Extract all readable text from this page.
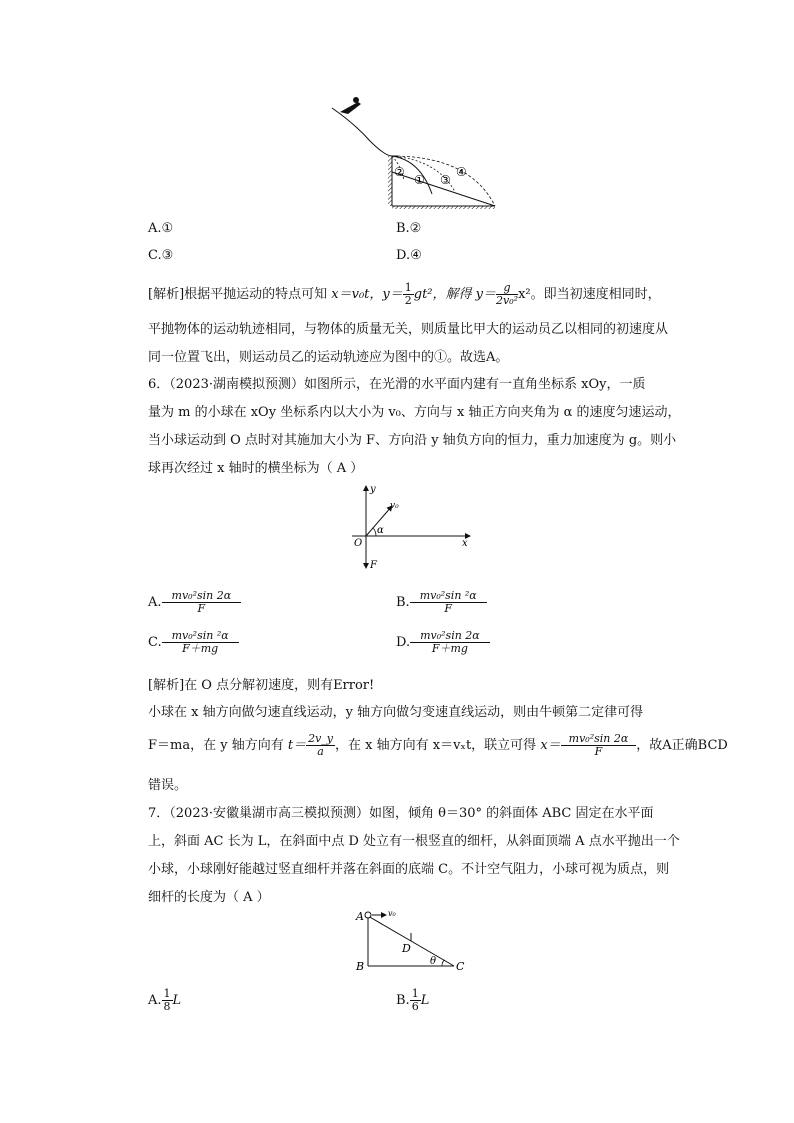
②
① ③
④
A.①	B.②
C.③	D.④
[解析]根据平抛运动的特点可知 x＝v₀t，$y= \frac{1}{2} gt^2$，解得 $y= \frac{g}{\text{2v₀²}} x^2$。即当初速度相同时，
平抛物体的运动轨迹相同，与物体的质量无关，则质量比甲大的运动员乙以相同的初速度从
同一位置飞出，则运动员乙的运动轨迹应为图中的①。故选A。
6．（2023·湖南模拟预测）如图所示，在光滑的水平面内建有一直角坐标系 xOy，一质
量为 m 的小球在 xOy 坐标系内以大小为 v₀、方向与 x 轴正方向夹角为 α 的速度匀速运动，
当小球运动到 O 点时对其施加大小为 F、方向沿 y 轴负方向的恒力，重力加速度为 g。则小
球再次经过 x 轴时的横坐标为（ A ）
y
v₀
α
O	x
F
A. $\frac{\text{mv₀²sin 2α}}{F}$	B. $\frac{\text{mv₀²sin ²α}}{F}$
C. $\frac{\text{mv₀²sin ²α}}{F+mg}$	D. $\frac{\text{mv₀²sin 2α}}{F+mg}$
[解析]在 O 点分解初速度，则有Error!
小球在 x 轴方向做匀速直线运动，y 轴方向做匀变速直线运动，则由牛顿第二定律可得
F＝ma，在 y 轴方向有 $t= \frac{2v\_y}{a}$ ，在 x 轴方向有 x＝vₓt，联立可得 $x= \frac{\text{mv₀²sin 2α}}{F}$ ，故A正确BCD
错误。
7．（2023·安徽巢湖市高三模拟预测）如图，倾角 θ＝30° 的斜面体 ABC 固定在水平面
上，斜面 AC 长为 L，在斜面中点 D 处立有一根竖直的细杆，从斜面顶端 A 点水平抛出一个
小球，小球刚好能越过竖直细杆并落在斜面的底端 C。不计空气阻力，小球可视为质点，则
细杆的长度为（ A ）
A	v₀
D
B	θ C
A. $\frac{1}{8}$ L	B. $\frac{1}{6}$ L
